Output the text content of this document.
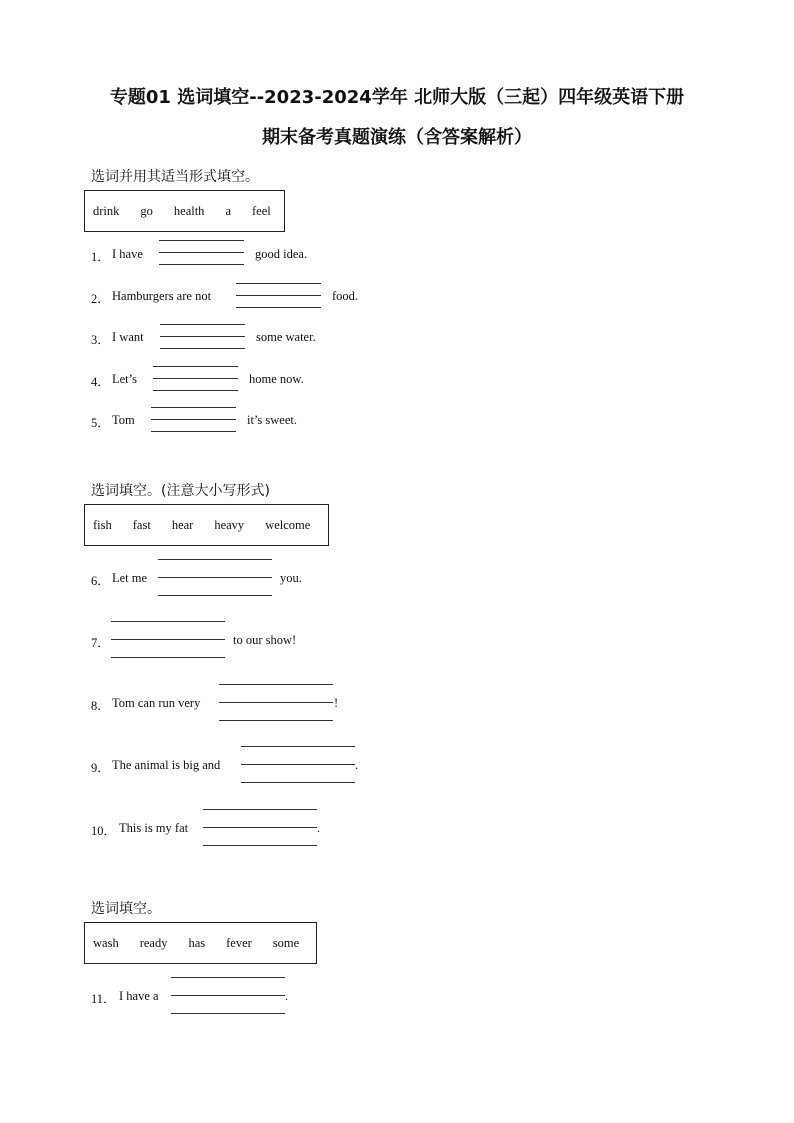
专题01 选词填空--2023-2024学年 北师大版（三起）四年级英语下册
期末备考真题演练（含答案解析）
选词并用其适当形式填空。
drink go health a feel
1． I have	good idea.
2． Hamburgers are not	food.
3． I want	some water.
4． Let’s	home now.
5． Tom	it’s sweet.
选词填空。(注意大小写形式)
fish fast hear heavy welcome
6． Let me	you.
7．	to our show!
8． Tom can run very	!
9． The animal is big and	.
10． This is my fat	.
选词填空。
wash ready has fever some
11． I have a	.
